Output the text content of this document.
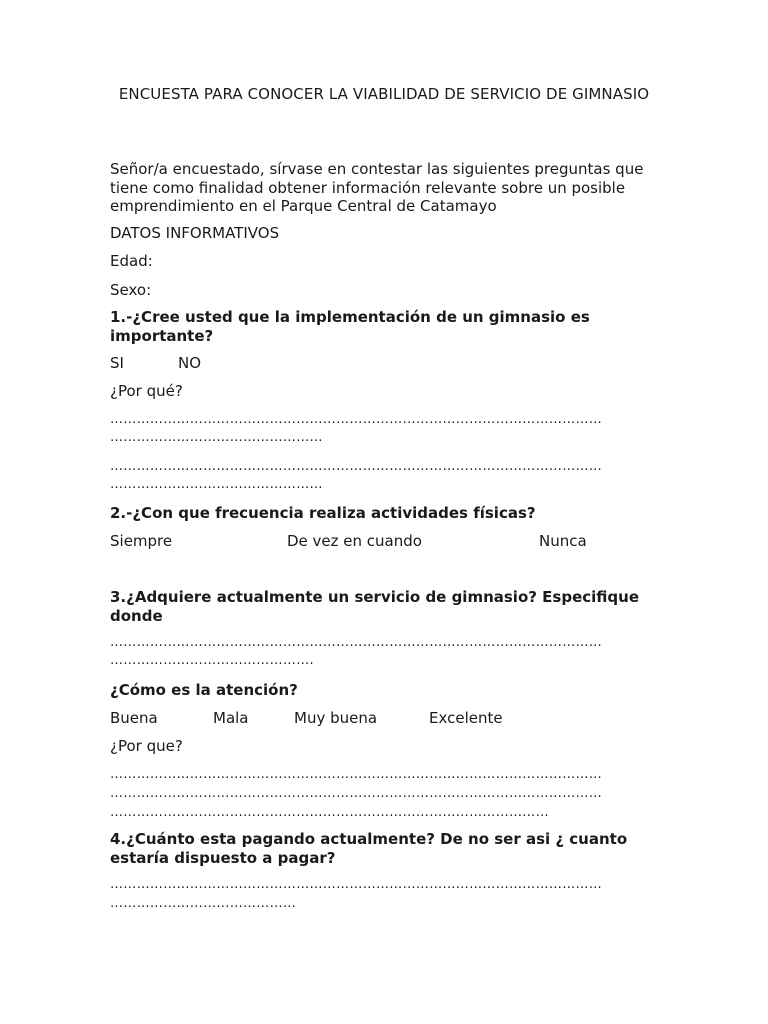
ENCUESTA PARA CONOCER LA VIABILIDAD DE SERVICIO DE GIMNASIO
Señor/a encuestado, sírvase en contestar las siguientes preguntas que tiene como finalidad obtener información relevante sobre un posible emprendimiento en el Parque Central de Catamayo
DATOS INFORMATIVOS
Edad:
Sexo:
1.-¿Cree usted que la implementación de un gimnasio es importante?
SI	NO
¿Por qué?
…………………………………………………………………………………………………
…………………………………………
…………………………………………………………………………………………………
…………………………………………
2.-¿Con que frecuencia realiza actividades físicas?
Siempre	De vez en cuando	Nunca
3.¿Adquiere actualmente un servicio de gimnasio? Especifique donde
…………………………………………………………………………………………………
……………………………………….
¿Cómo es la atención?
Buena	Mala	Muy buena	Excelente
¿Por que?
…………………………………………………………………………………………………
…………………………………………………………………………………………………
………………………………………………………………………………………
4.¿Cuánto esta pagando actualmente? De no ser asi ¿ cuanto estaría dispuesto a pagar?
…………………………………………………………………………………………………
……………………………………
